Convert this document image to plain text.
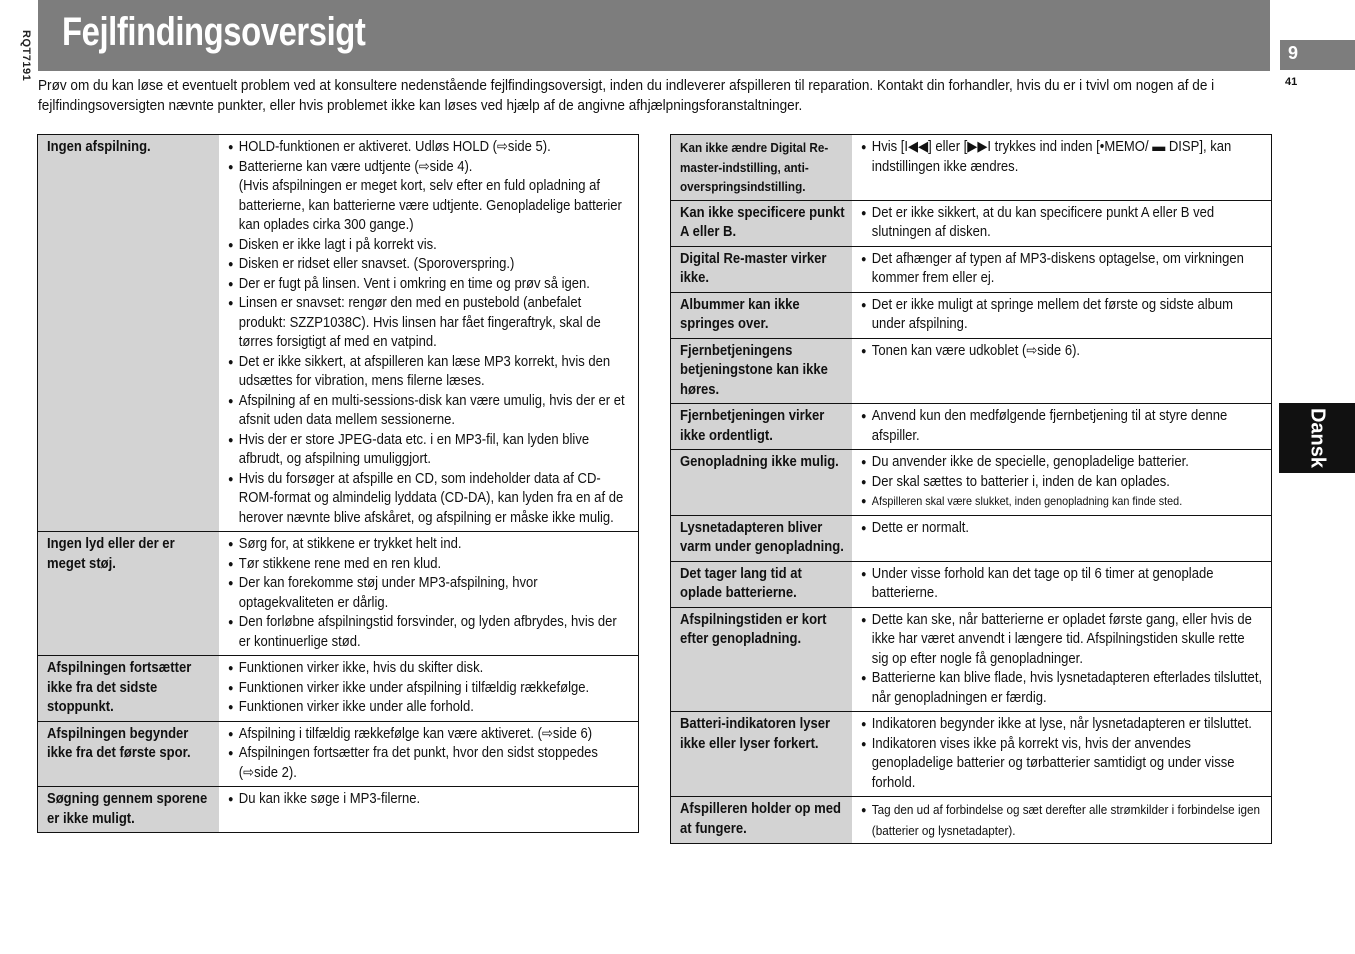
RQT7191 Fejlfindingsoversigt	9
41
Dansk
Prøv om du kan løse et eventuelt problem ved at konsultere nedenstående fejlfindingsoversigt, inden du indleverer afspilleren til reparation. Kontakt din forhandler, hvis du er i tvivl om nogen af de i fejlfindingsoversigten nævnte punkter, eller hvis problemet ikke kan løses ved hjælp af de angivne afhjælpningsforanstaltninger.
Ingen afspilning.	● HOLD-funktionen er aktiveret. Udløs HOLD (⇨side 5).
● Batterierne kan være udtjente (⇨side 4).
(Hvis afspilningen er meget kort, selv efter en fuld opladning af batterierne, kan batterierne være udtjente. Genopladelige batterier kan oplades cirka 300 gange.)
● Disken er ikke lagt i på korrekt vis.
● Disken er ridset eller snavset. (Sporoverspring.)
● Der er fugt på linsen. Vent i omkring en time og prøv så igen.
● Linsen er snavset: rengør den med en pustebold (anbefalet produkt: SZZP1038C). Hvis linsen har fået fingeraftryk, skal de tørres forsigtigt af med en vatpind.
● Det er ikke sikkert, at afspilleren kan læse MP3 korrekt, hvis den udsættes for vibration, mens filerne læses.
● Afspilning af en multi-sessions-disk kan være umulig, hvis der er et afsnit uden data mellem sessionerne.
● Hvis der er store JPEG-data etc. i en MP3-fil, kan lyden blive afbrudt, og afspilning umuliggjort.
● Hvis du forsøger at afspille en CD, som indeholder data af CD-ROM-format og almindelig lyddata (CD-DA), kan lyden fra en af de herover nævnte blive afskåret, og afspilning er måske ikke mulig.
Ingen lyd eller der er meget støj.
● Sørg for, at stikkene er trykket helt ind.
● Tør stikkene rene med en ren klud.
● Der kan forekomme støj under MP3-afspilning, hvor optagekvaliteten er dårlig.
● Den forløbne afspilningstid forsvinder, og lyden afbrydes, hvis der er kontinuerlige stød.
Afspilningen fortsætter ikke fra det sidste stoppunkt.
● Funktionen virker ikke, hvis du skifter disk.
● Funktionen virker ikke under afspilning i tilfældig rækkefølge.
● Funktionen virker ikke under alle forhold.
Afspilningen begynder ikke fra det første spor.
● Afspilning i tilfældig rækkefølge kan være aktiveret. (⇨side 6)
● Afspilningen fortsætter fra det punkt, hvor den sidst stoppedes (⇨side 2).
Søgning gennem sporene er ikke muligt.
● Du kan ikke søge i MP3-filerne.
Kan ikke ændre Digital Re-master-indstilling, anti-overspringsindstilling.
● Hvis [I◀◀] eller [▶▶I trykkes ind inden [•MEMO/ ▬ DISP], kan indstillingen ikke ændres.
Kan ikke specificere punkt A eller B.
● Det er ikke sikkert, at du kan specificere punkt A eller B ved slutningen af disken.
Digital Re-master virker ikke.
● Det afhænger af typen af MP3-diskens optagelse, om virkningen kommer frem eller ej.
Albummer kan ikke springes over.
● Det er ikke muligt at springe mellem det første og sidste album under afspilning.
Fjernbetjeningens betjeningstone kan ikke høres.
● Tonen kan være udkoblet (⇨side 6).
Fjernbetjeningen virker ikke ordentligt.
● Anvend kun den medfølgende fjernbetjening til at styre denne afspiller.
Genopladning ikke mulig.	● Du anvender ikke de specielle, genopladelige batterier.
● Der skal sættes to batterier i, inden de kan oplades.
● Afspilleren skal være slukket, inden genopladning kan finde sted.
Lysnetadapteren bliver varm under genopladning.
● Dette er normalt.
Det tager lang tid at oplade batterierne.
● Under visse forhold kan det tage op til 6 timer at genoplade batterierne.
Afspilningstiden er kort efter genopladning.
● Dette kan ske, når batterierne er opladet første gang, eller hvis de ikke har været anvendt i længere tid. Afspilningstiden skulle rette sig op efter nogle få genopladninger.
● Batterierne kan blive flade, hvis lysnetadapteren efterlades tilsluttet, når genopladningen er færdig.
Batteri-indikatoren lyser ikke eller lyser forkert.
● Indikatoren begynder ikke at lyse, når lysnetadapteren er tilsluttet.
● Indikatoren vises ikke på korrekt vis, hvis der anvendes genopladelige batterier og tørbatterier samtidigt og under visse forhold.
Afspilleren holder op med at fungere.
● Tag den ud af forbindelse og sæt derefter alle strømkilder i forbindelse igen (batterier og lysnetadapter).
